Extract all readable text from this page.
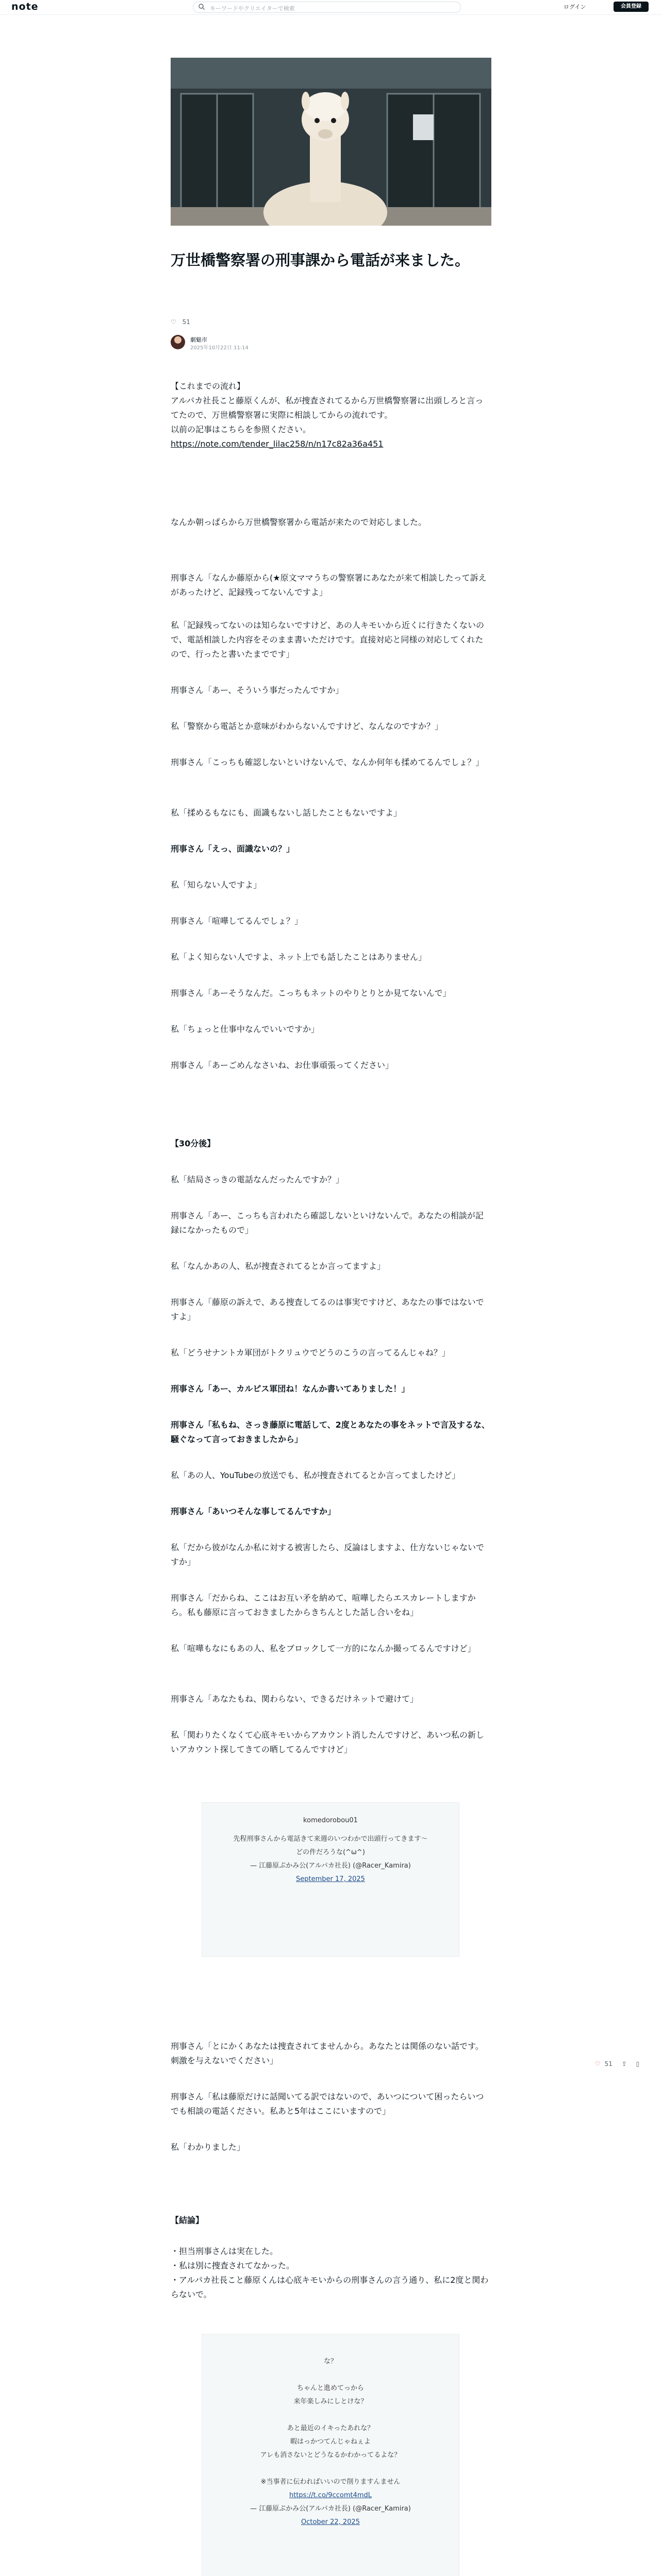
note	キーワードやクリエイターで検索	ログイン	会員登録
万世橋警察署の刑事課から電話が来ました。
♡ 51
劇魅市
2025年10月22日 11:14

【これまでの流れ】

アルパカ社長こと藤原くんが、私が捜査されてるから万世橋警察署に出頭しろと言ってたので、万世橋警察署に実際に相談してからの流れです。

以前の記事はこちらを参照ください。

https://note.com/tender_lilac258/n/n17c82a36a451

なんか朝っぱらから万世橋警察署から電話が来たので対応しました。

刑事さん「なんか藤原から(★原文ママうちの警察署にあなたが来て相談したって訴えがあったけど、記録残ってないんですよ」

私「記録残ってないのは知らないですけど、あの人キモいから近くに行きたくないので、電話相談した内容をそのまま書いただけです。直接対応と同様の対応してくれたので、行ったと書いたまでです」

刑事さん「あー、そういう事だったんですか」

私「警察から電話とか意味がわからないんですけど、なんなのですか？」

刑事さん「こっちも確認しないといけないんで、なんか何年も揉めてるんでしょ？」

私「揉めるもなにも、面識もないし話したこともないですよ」

刑事さん「えっ、面識ないの？」

私「知らない人ですよ」

刑事さん「喧嘩してるんでしょ？」

私「よく知らない人ですよ、ネット上でも話したことはありません」

刑事さん「あーそうなんだ。こっちもネットのやりとりとか見てないんで」

私「ちょっと仕事中なんでいいですか」

刑事さん「あーごめんなさいね、お仕事頑張ってください」

【30分後】

私「結局さっきの電話なんだったんですか？」

刑事さん「あー、こっちも言われたら確認しないといけないんで。あなたの相談が記録になかったもので」

私「なんかあの人、私が捜査されてるとか言ってますよ」

刑事さん「藤原の訴えで、ある捜査してるのは事実ですけど、あなたの事ではないですよ」

私「どうせナントカ軍団がトクリュウでどうのこうの言ってるんじゃね？」

刑事さん「あー、カルピス軍団ね！なんか書いてありました！」

刑事さん「私もね、さっき藤原に電話して、2度とあなたの事をネットで言及するな、騒ぐなって言っておきましたから」

私「あの人、YouTubeの放送でも、私が捜査されてるとか言ってましたけど」

刑事さん「あいつそんな事してるんですか」

私「だから彼がなんか私に対する被害したら、反論はしますよ、仕方ないじゃないですか」

刑事さん「だからね、ここはお互い矛を納めて、喧嘩したらエスカレートしますから。私も藤原に言っておきましたからきちんとした話し合いをね」

私「喧嘩もなにもあの人、私をブロックして一方的になんか撮ってるんですけど」

刑事さん「あなたもね、関わらない、できるだけネットで避けて」

私「関わりたくなくて心底キモいからアカウント消したんですけど、あいつ私の新しいアカウント探してきての晒してるんですけど」

komedorobou01
先程刑事さんから電話きて来週のいつわかで出頭行ってきます〜
どの件だろうな(^ω^)
— 江藤原ぷかみ公(アルパカ社長) (@Racer_Kamira)
September 17, 2025

刑事さん「とにかくあなたは捜査されてませんから。あなたとは関係のない話です。刺激を与えないでください」

刑事さん「私は藤原だけに話聞いてる訳ではないので、あいつについて困ったらいつでも相談の電話ください。私あと5年はここにいますので」

私「わかりました」

【結論】

・担当刑事さんは実在した。

・私は別に捜査されてなかった。

・アルパカ社長こと藤原くんは心底キモいからの刑事さんの言う通り、私に2度と関わらないで。

な？
ちゃんと進めてっから
来年楽しみにしとけな？
あと最近のイキったあれな？
暇はっかつてんじゃねぇよ
アレも消さないとどうなるかわかってるよな？
※当事者に伝わればいいので削りますんません
https://t.co/9ccomt4mdL
— 江藤原ぷかみ公(アルパカ社長) (@Racer_Kamira)
October 22, 2025
♡ 51 ⇪ ▯
